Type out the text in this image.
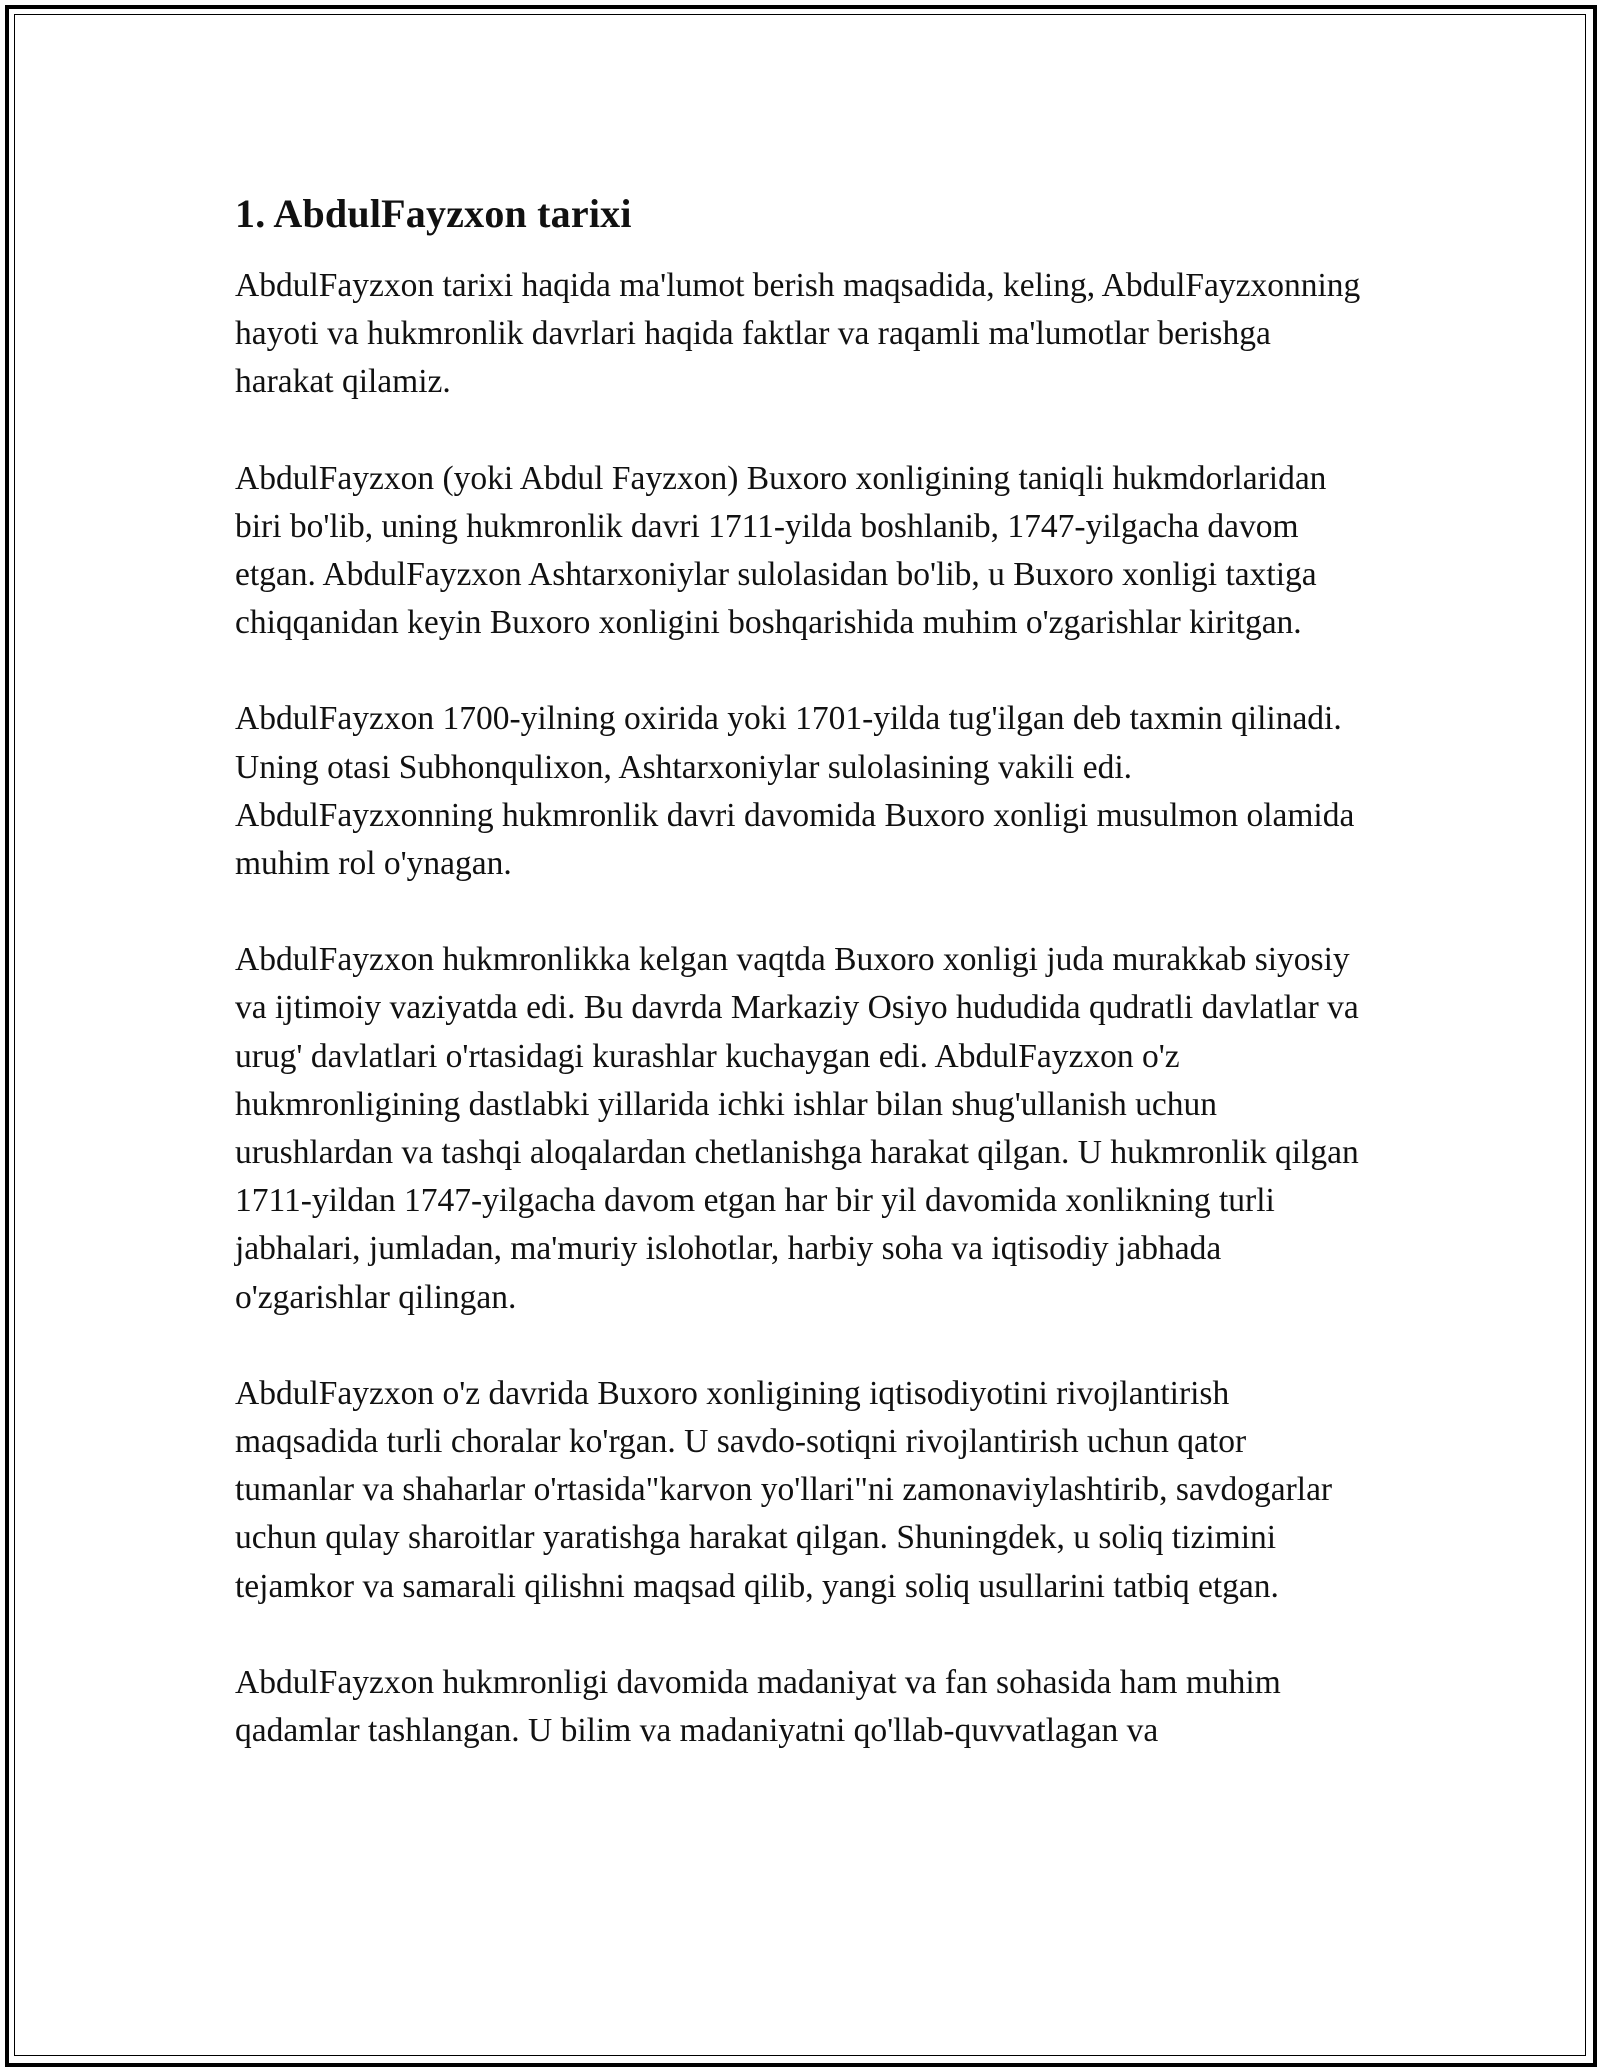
1. AbdulFayzxon tarixi

AbdulFayzxon tarixi haqida ma'lumot berish maqsadida, keling, AbdulFayzxonning hayoti va hukmronlik davrlari haqida faktlar va raqamli ma'lumotlar berishga harakat qilamiz.

AbdulFayzxon (yoki Abdul Fayzxon) Buxoro xonligining taniqli hukmdorlaridan biri bo'lib, uning hukmronlik davri 1711-yilda boshlanib, 1747-yilgacha davom etgan. AbdulFayzxon Ashtarxoniylar sulolasidan bo'lib, u Buxoro xonligi taxtiga chiqqanidan keyin Buxoro xonligini boshqarishida muhim o'zgarishlar kiritgan.

AbdulFayzxon 1700-yilning oxirida yoki 1701-yilda tug'ilgan deb taxmin qilinadi. Uning otasi Subhonqulixon, Ashtarxoniylar sulolasining vakili edi. AbdulFayzxonning hukmronlik davri davomida Buxoro xonligi musulmon olamida muhim rol o'ynagan.

AbdulFayzxon hukmronlikka kelgan vaqtda Buxoro xonligi juda murakkab siyosiy va ijtimoiy vaziyatda edi. Bu davrda Markaziy Osiyo hududida qudratli davlatlar va urug' davlatlari o'rtasidagi kurashlar kuchaygan edi. AbdulFayzxon o'z hukmronligining dastlabki yillarida ichki ishlar bilan shug'ullanish uchun urushlardan va tashqi aloqalardan chetlanishga harakat qilgan. U hukmronlik qilgan 1711-yildan 1747-yilgacha davom etgan har bir yil davomida xonlikning turli jabhalari, jumladan, ma'muriy islohotlar, harbiy soha va iqtisodiy jabhada o'zgarishlar qilingan.

AbdulFayzxon o'z davrida Buxoro xonligining iqtisodiyotini rivojlantirish maqsadida turli choralar ko'rgan. U savdo-sotiqni rivojlantirish uchun qator tumanlar va shaharlar o'rtasida"karvon yo'llari"ni zamonaviylashtirib, savdogarlar uchun qulay sharoitlar yaratishga harakat qilgan. Shuningdek, u soliq tizimini tejamkor va samarali qilishni maqsad qilib, yangi soliq usullarini tatbiq etgan.

AbdulFayzxon hukmronligi davomida madaniyat va fan sohasida ham muhim qadamlar tashlangan. U bilim va madaniyatni qo'llab-quvvatlagan va
